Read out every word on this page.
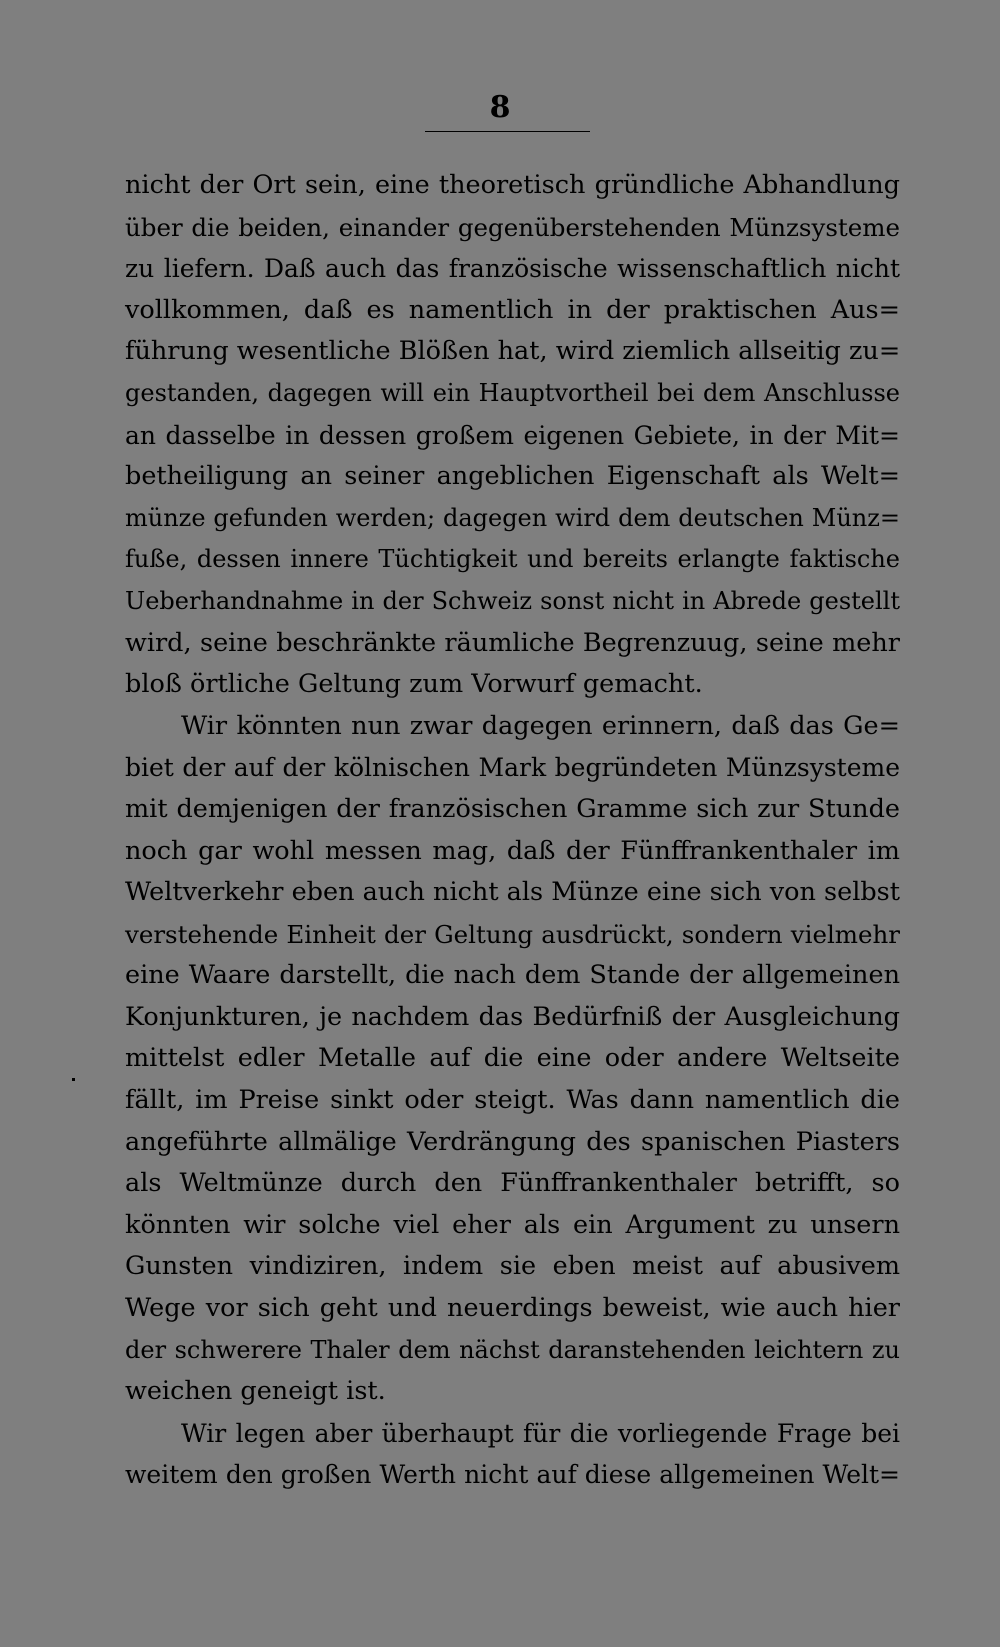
8
nicht der Ort sein, eine theoretisch gründliche Abhandlung
über die beiden, einander gegenüberstehenden Münzsysteme
zu liefern. Daß auch das französische wissenschaftlich nicht
vollkommen, daß es namentlich in der praktischen Aus=
führung wesentliche Blößen hat, wird ziemlich allseitig zu=
gestanden, dagegen will ein Hauptvortheil bei dem Anschlusse
an dasselbe in dessen großem eigenen Gebiete, in der Mit=
betheiligung an seiner angeblichen Eigenschaft als Welt=
münze gefunden werden; dagegen wird dem deutschen Münz=
fuße, dessen innere Tüchtigkeit und bereits erlangte faktische
Ueberhandnahme in der Schweiz sonst nicht in Abrede gestellt
wird, seine beschränkte räumliche Begrenzuug, seine mehr
bloß örtliche Geltung zum Vorwurf gemacht.
Wir könnten nun zwar dagegen erinnern, daß das Ge=
biet der auf der kölnischen Mark begründeten Münzsysteme
mit demjenigen der französischen Gramme sich zur Stunde
noch gar wohl messen mag, daß der Fünffrankenthaler im
Weltverkehr eben auch nicht als Münze eine sich von selbst
verstehende Einheit der Geltung ausdrückt, sondern vielmehr
eine Waare darstellt, die nach dem Stande der allgemeinen
Konjunkturen, je nachdem das Bedürfniß der Ausgleichung
mittelst edler Metalle auf die eine oder andere Weltseite
fällt, im Preise sinkt oder steigt. Was dann namentlich die
angeführte allmälige Verdrängung des spanischen Piasters
als Weltmünze durch den Fünffrankenthaler betrifft, so
könnten wir solche viel eher als ein Argument zu unsern
Gunsten vindiziren, indem sie eben meist auf abusivem
Wege vor sich geht und neuerdings beweist, wie auch hier
der schwerere Thaler dem nächst daranstehenden leichtern zu
weichen geneigt ist.
Wir legen aber überhaupt für die vorliegende Frage bei
weitem den großen Werth nicht auf diese allgemeinen Welt=
